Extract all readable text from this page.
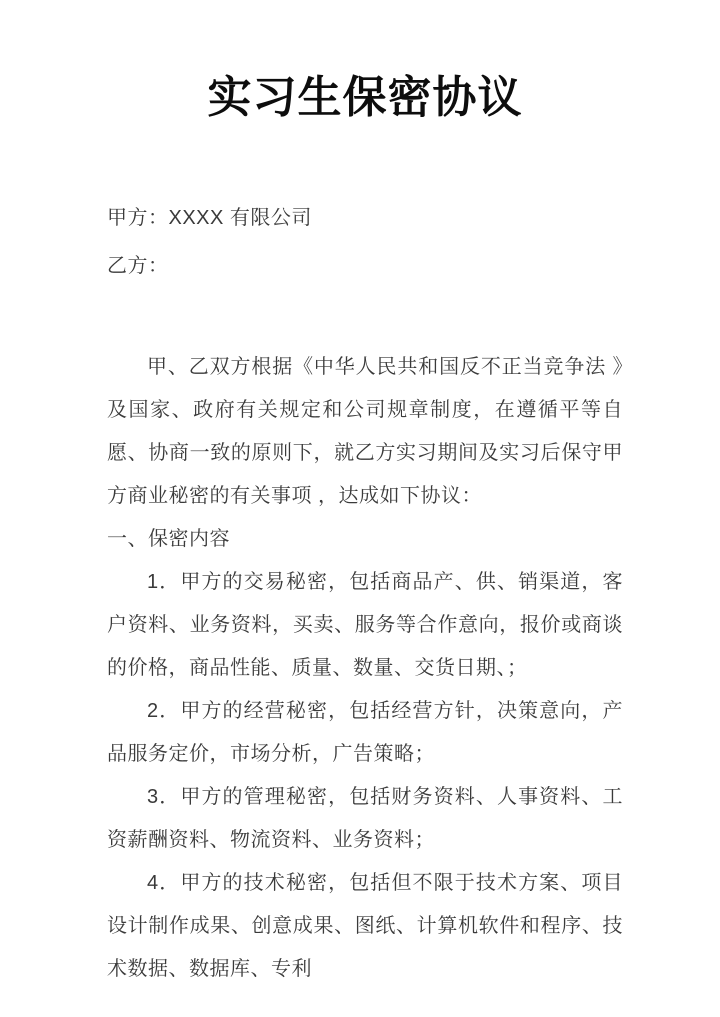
实习生保密协议

甲方：XXXX 有限公司

乙方：

甲、乙双方根据《中华人民共和国反不正当竞争法 》及国家、政府有关规定和公司规章制度，在遵循平等自愿、协商一致的原则下，就乙方实习期间及实习后保守甲方商业秘密的有关事项 ，达成如下协议：

一、保密内容

1．甲方的交易秘密，包括商品产、供、销渠道，客户资料、业务资料，买卖、服务等合作意向，报价或商谈的价格，商品性能、质量、数量、交货日期、；

2．甲方的经营秘密，包括经营方针，决策意向，产品服务定价，市场分析，广告策略；

3．甲方的管理秘密，包括财务资料、人事资料、工资薪酬资料、物流资料、业务资料；

4．甲方的技术秘密，包括但不限于技术方案、项目设计制作成果、创意成果、图纸、计算机软件和程序、技术数据、数据库、专利
